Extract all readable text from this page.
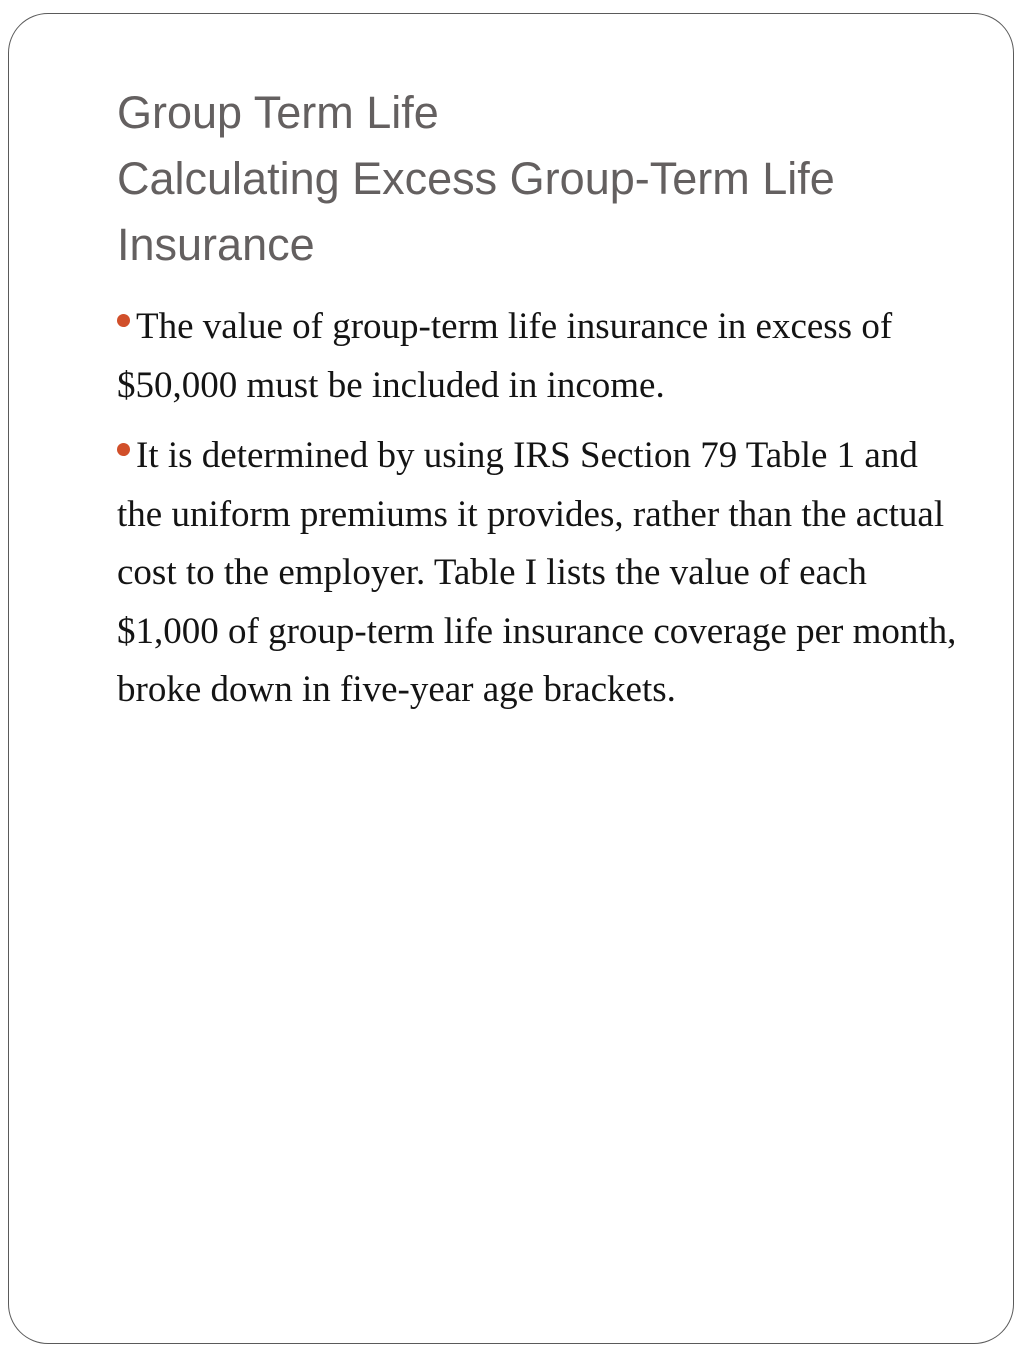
Group Term Life
Calculating Excess Group-Term Life
Insurance
The value of group-term life insurance in excess of $50,000 must be included in income.
It is determined by using IRS Section 79 Table 1 and the uniform premiums it provides, rather than the actual cost to the employer. Table I lists the value of each $1,000 of group-term life insurance coverage per month, broke down in five-year age brackets.
